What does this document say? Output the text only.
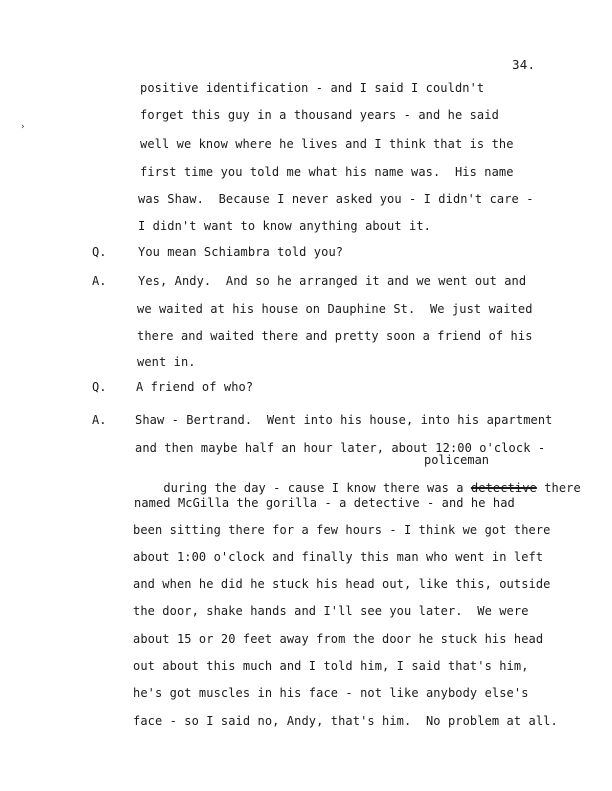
34.
positive identification - and I said I couldn't
forget this guy in a thousand years - and he said
well we know where he lives and I think that is the
first time you told me what his name was.  His name
was Shaw.  Because I never asked you - I didn't care -
I didn't want to know anything about it.
Q.	You mean Schiambra told you?
A.	Yes, Andy.  And so he arranged it and we went out and
we waited at his house on Dauphine St.  We just waited
there and waited there and pretty soon a friend of his
went in.
Q. A friend of who?
A. Shaw - Bertrand.  Went into his house, into his apartment
and then maybe half an hour later, about 12:00 o'clock -
policeman

during the day - cause I know there was a detective there

named McGilla the gorilla - a detective - and he had
been sitting there for a few hours - I think we got there
about 1:00 o'clock and finally this man who went in left
and when he did he stuck his head out, like this, outside
the door, shake hands and I'll see you later.  We were
about 15 or 20 feet away from the door he stuck his head
out about this much and I told him, I said that's him,
he's got muscles in his face - not like anybody else's
face - so I said no, Andy, that's him.  No problem at all.
›
